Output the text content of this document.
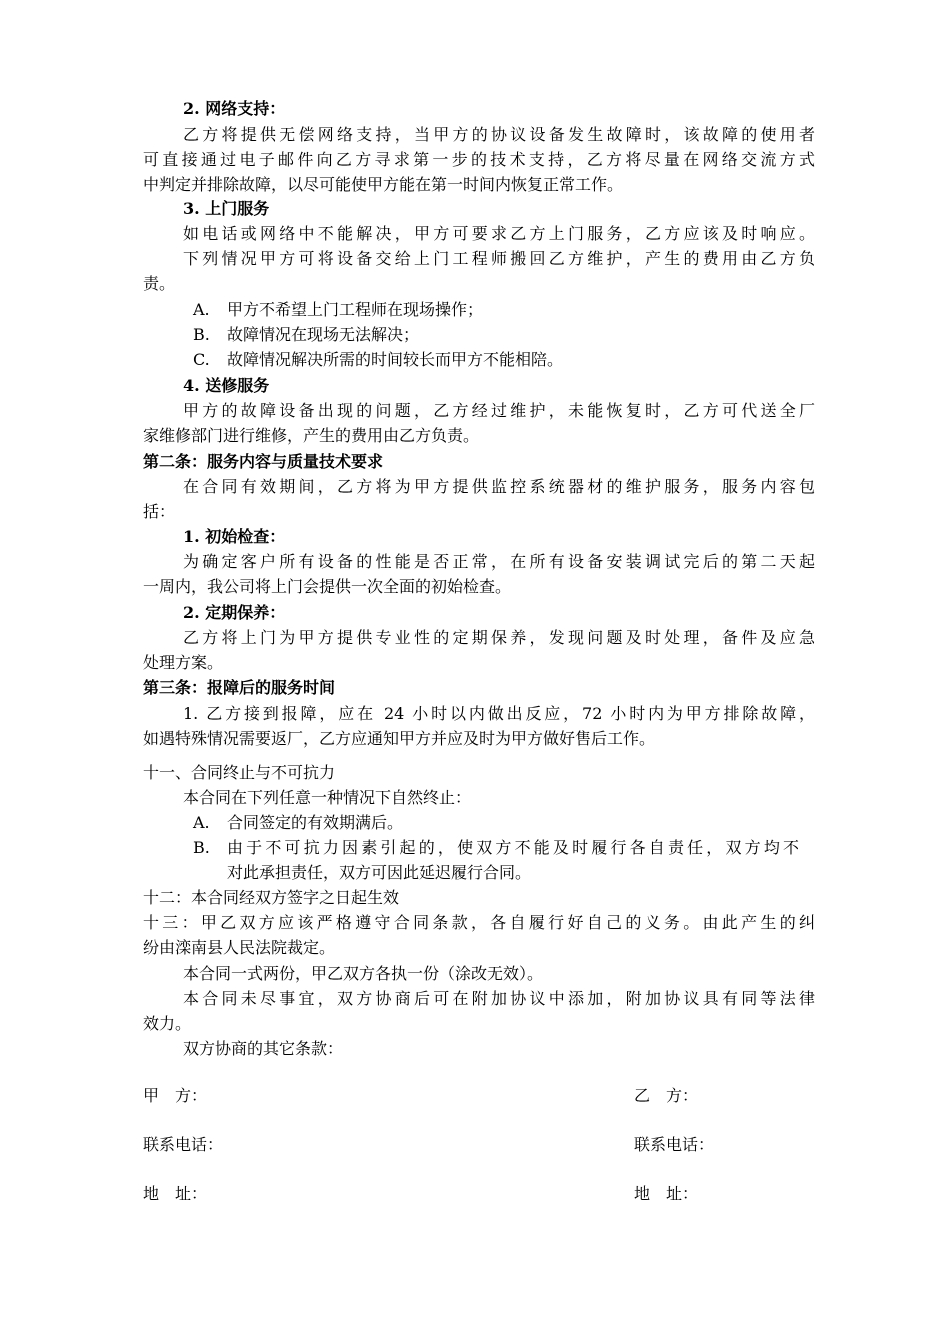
2. 网络支持：
乙方将提供无偿网络支持，当甲方的协议设备发生故障时，该故障的使用者
可直接通过电子邮件向乙方寻求第一步的技术支持，乙方将尽量在网络交流方式
中判定并排除故障，以尽可能使甲方能在第一时间内恢复正常工作。
3. 上门服务
如电话或网络中不能解决，甲方可要求乙方上门服务，乙方应该及时响应。
下列情况甲方可将设备交给上门工程师搬回乙方维护，产生的费用由乙方负
责。
A. 甲方不希望上门工程师在现场操作；
B. 故障情况在现场无法解决；
C. 故障情况解决所需的时间较长而甲方不能相陪。
4. 送修服务
甲方的故障设备出现的问题，乙方经过维护，未能恢复时，乙方可代送全厂
家维修部门进行维修，产生的费用由乙方负责。
第二条：服务内容与质量技术要求
在合同有效期间，乙方将为甲方提供监控系统器材的维护服务，服务内容包
括：
1. 初始检查：
为确定客户所有设备的性能是否正常，在所有设备安装调试完后的第二天起
一周内，我公司将上门会提供一次全面的初始检查。
2. 定期保养：
乙方将上门为甲方提供专业性的定期保养，发现问题及时处理，备件及应急
处理方案。
第三条：报障后的服务时间
1. 乙方接到报障，应在 24 小时以内做出反应，72 小时内为甲方排除故障，
如遇特殊情况需要返厂，乙方应通知甲方并应及时为甲方做好售后工作。
十一、合同终止与不可抗力
本合同在下列任意一种情况下自然终止：
A. 合同签定的有效期满后。
B. 由于不可抗力因素引起的，使双方不能及时履行各自责任，双方均不
对此承担责任，双方可因此延迟履行合同。
十二：本合同经双方签字之日起生效
十三：甲乙双方应该严格遵守合同条款，各自履行好自己的义务。由此产生的纠
纷由滦南县人民法院裁定。
本合同一式两份，甲乙双方各执一份（涂改无效）。
本合同未尽事宜，双方协商后可在附加协议中添加，附加协议具有同等法律
效力。
双方协商的其它条款：
甲　方：	乙　方：
联系电话：	联系电话：
地　址：	地　址：
